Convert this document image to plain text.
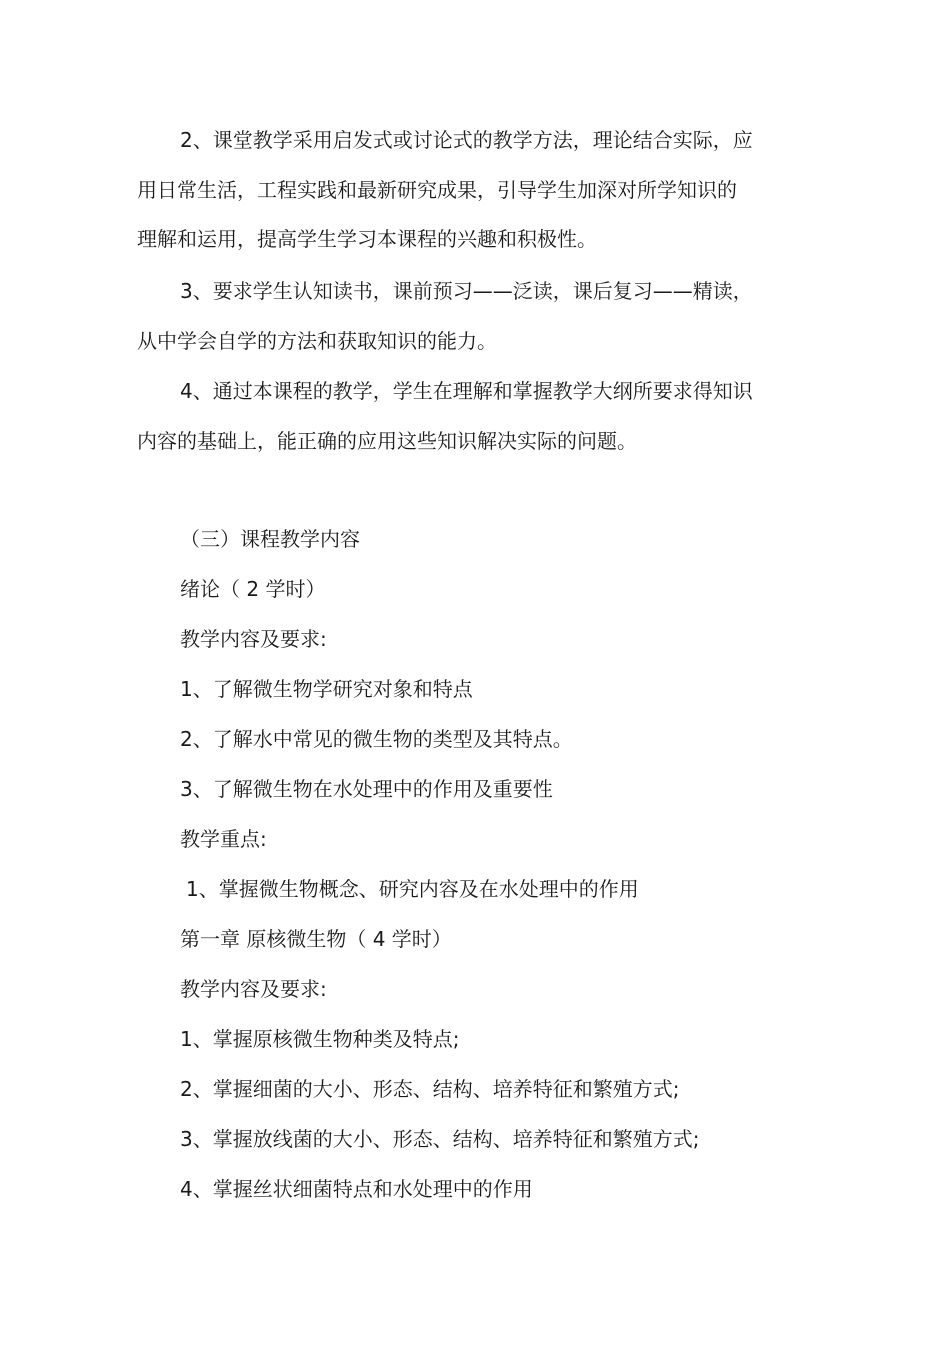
2、课堂教学采用启发式或讨论式的教学方法，理论结合实际，应
用日常生活，工程实践和最新研究成果，引导学生加深对所学知识的
理解和运用，提高学生学习本课程的兴趣和积极性。
3、要求学生认知读书，课前预习——泛读，课后复习——精读，
从中学会自学的方法和获取知识的能力。
4、通过本课程的教学，学生在理解和掌握教学大纲所要求得知识
内容的基础上，能正确的应用这些知识解决实际的问题。
（三）课程教学内容
绪论（ 2 学时）
教学内容及要求:
1、了解微生物学研究对象和特点
2、了解水中常见的微生物的类型及其特点。
3、了解微生物在水处理中的作用及重要性
教学重点:
1、掌握微生物概念、研究内容及在水处理中的作用
第一章 原核微生物（ 4 学时）
教学内容及要求:
1、掌握原核微生物种类及特点;
2、掌握细菌的大小、形态、结构、培养特征和繁殖方式;
3、掌握放线菌的大小、形态、结构、培养特征和繁殖方式;
4、掌握丝状细菌特点和水处理中的作用
